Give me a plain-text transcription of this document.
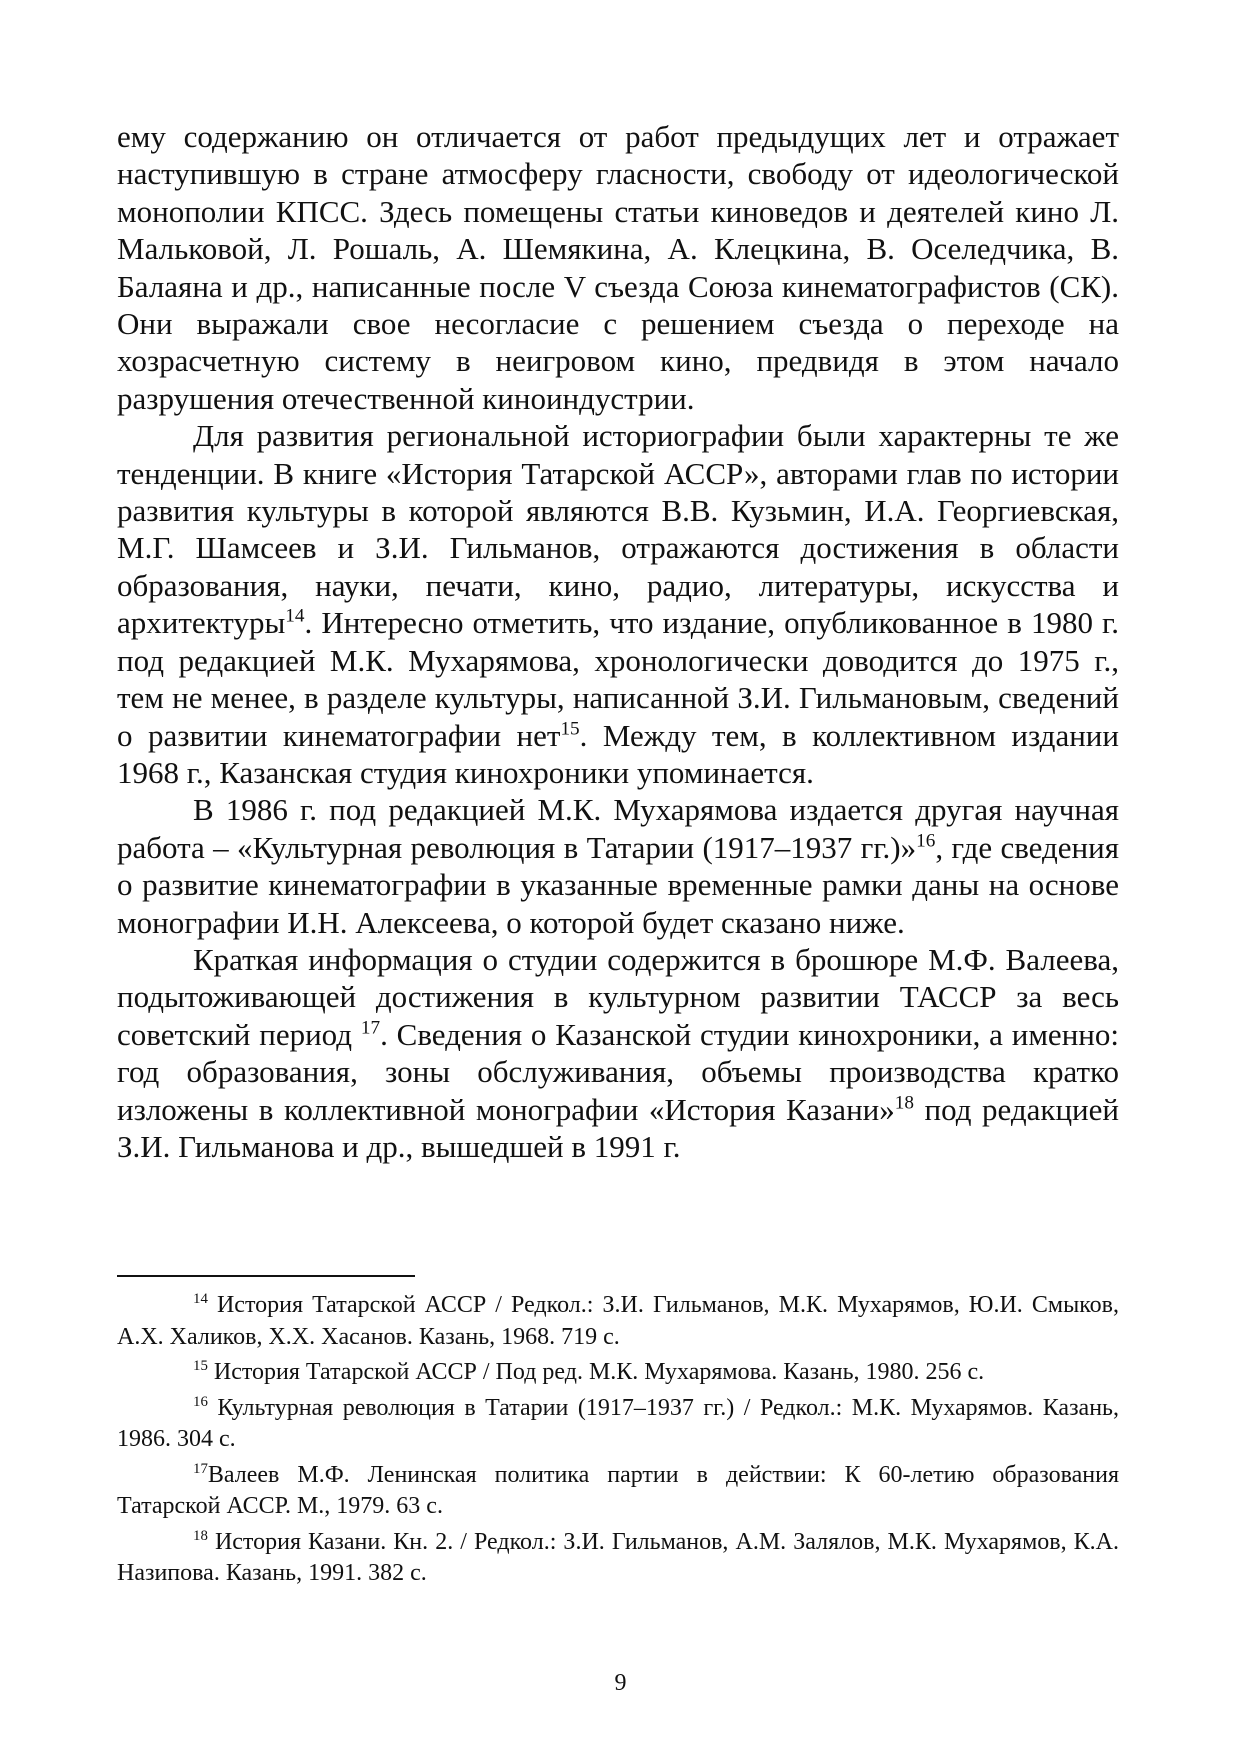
ему содержанию он отличается от работ предыдущих лет и отражает наступившую в стране атмосферу гласности, свободу от идеологической монополии КПСС. Здесь помещены статьи киноведов и деятелей кино Л. Мальковой, Л. Рошаль, А. Шемякина, А. Клецкина, В. Оселедчика, В. Балаяна и др., написанные после V съезда Союза кинематографистов (СК). Они выражали свое несогласие с решением съезда о переходе на хозрасчетную систему в неигровом кино, предвидя в этом начало разрушения отечественной киноиндустрии.

Для развития региональной историографии были характерны те же тенденции. В книге «История Татарской АССР», авторами глав по истории развития культуры в которой являются В.В. Кузьмин, И.А. Георгиевская, М.Г. Шамсеев и З.И. Гильманов, отражаются достижения в области образования, науки, печати, кино, радио, литературы, искусства и архитектуры$^{14}$. Интересно отметить, что издание, опубликованное в 1980 г. под редакцией М.К. Мухарямова, хронологически доводится до 1975 г., тем не менее, в разделе культуры, написанной З.И. Гильмановым, сведений о развитии кинематографии нет$^{15}$. Между тем, в коллективном издании 1968 г., Казанская студия кинохроники упоминается.

В 1986 г. под редакцией М.К. Мухарямова издается другая научная работа – «Культурная революция в Татарии (1917–1937 гг.)»$^{16}$, где сведения о развитие кинематографии в указанные временные рамки даны на основе монографии И.Н. Алексеева, о которой будет сказано ниже.

Краткая информация о студии содержится в брошюре М.Ф. Валеева, подытоживающей достижения в культурном развитии ТАССР за весь советский период $^{17}$. Сведения о Казанской студии кинохроники, а именно: год образования, зоны обслуживания, объемы производства кратко изложены в коллективной монографии «История Казани»$^{18}$ под редакцией З.И. Гильманова и др., вышедшей в 1991 г.

$^{14}$ История Татарской АССР / Редкол.: З.И. Гильманов, М.К. Мухарямов, Ю.И. Смыков, А.Х. Халиков, Х.Х. Хасанов. Казань, 1968. 719 с.

$^{15}$ История Татарской АССР / Под ред. М.К. Мухарямова. Казань, 1980. 256 с.

$^{16}$ Культурная революция в Татарии (1917–1937 гг.) / Редкол.: М.К. Мухарямов. Казань, 1986. 304 с.

$^{17}$Валеев М.Ф. Ленинская политика партии в действии: К 60-летию образования Татарской АССР. М., 1979. 63 с.

$^{18}$ История Казани. Кн. 2. / Редкол.: З.И. Гильманов, А.М. Залялов, М.К. Мухарямов, К.А. Назипова. Казань, 1991. 382 с.

9
